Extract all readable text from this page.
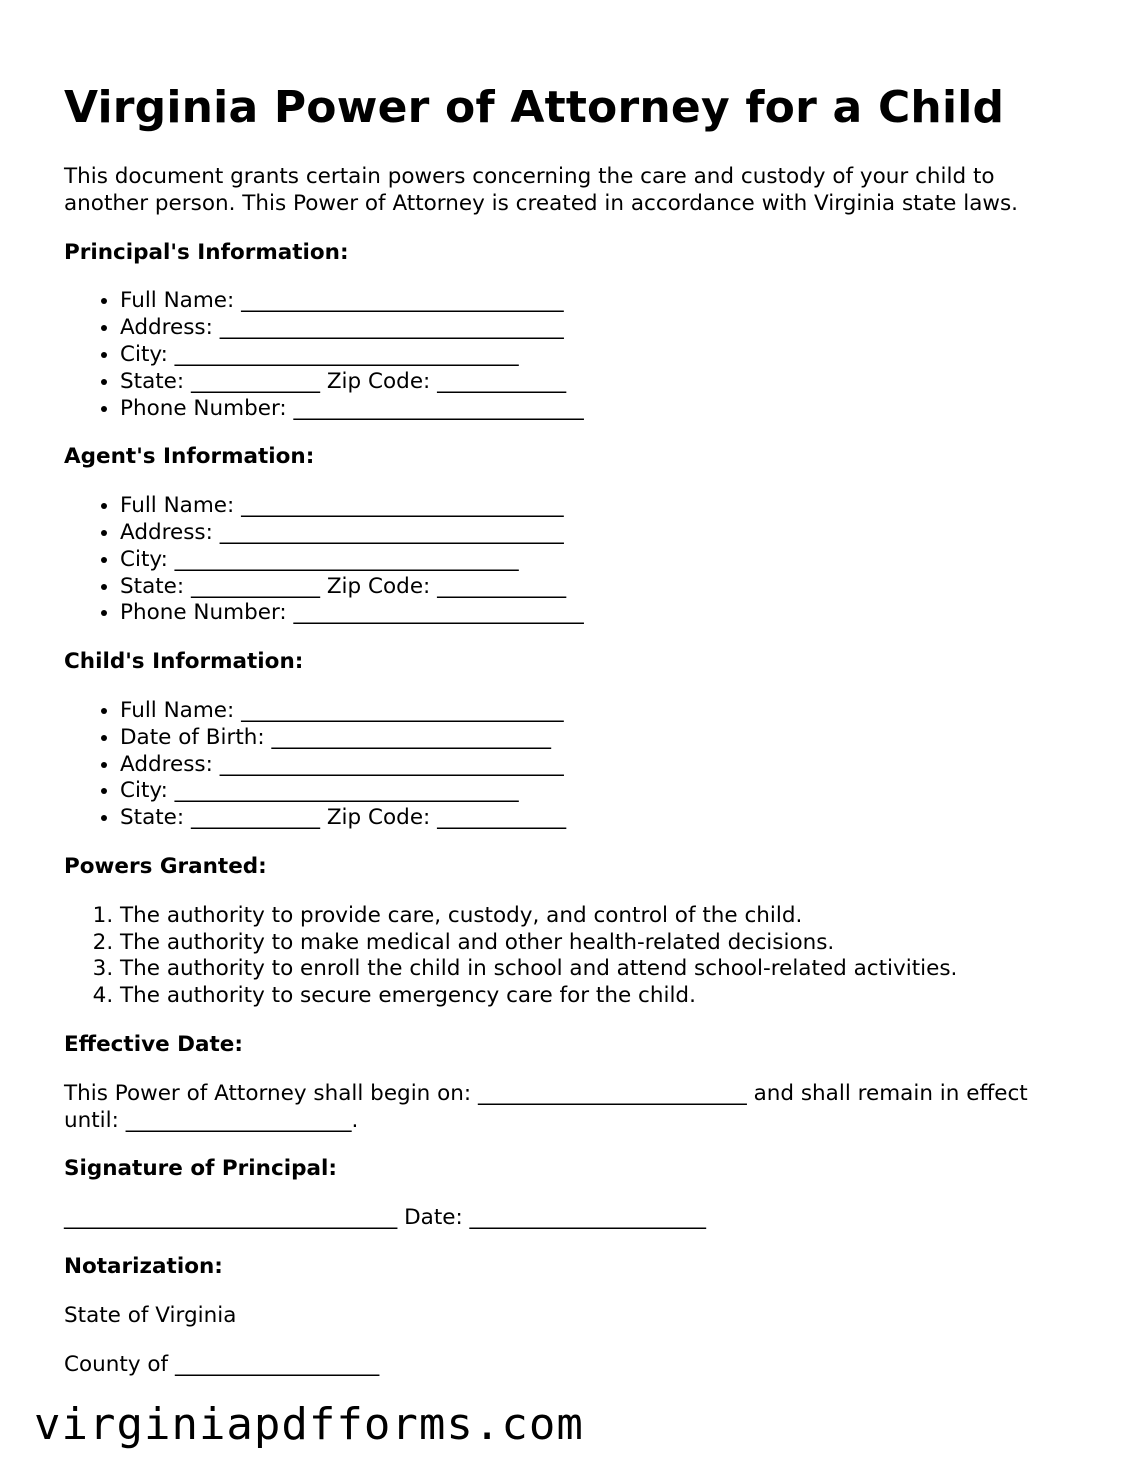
Virginia Power of Attorney for a Child

This document grants certain powers concerning the care and custody of your child to another person. This Power of Attorney is created in accordance with Virginia state laws.

Principal's Information:
• Full Name: ______________________________
• Address: ________________________________
• City: ________________________________
• State: ____________ Zip Code: ____________
• Phone Number: ___________________________
Agent's Information:
• Full Name: ______________________________
• Address: ________________________________
• City: ________________________________
• State: ____________ Zip Code: ____________
• Phone Number: ___________________________
Child's Information:
• Full Name: ______________________________
• Date of Birth: __________________________
• Address: ________________________________
• City: ________________________________
• State: ____________ Zip Code: ____________
Powers Granted:
1. The authority to provide care, custody, and control of the child.
2. The authority to make medical and other health-related decisions.
3. The authority to enroll the child in school and attend school-related activities.
4. The authority to secure emergency care for the child.
Effective Date:

This Power of Attorney shall begin on: _________________________ and shall remain in effect until: _____________________.

Signature of Principal:

_______________________________ Date: ______________________

Notarization:

State of Virginia

County of ___________________

virginiapdfforms.com
